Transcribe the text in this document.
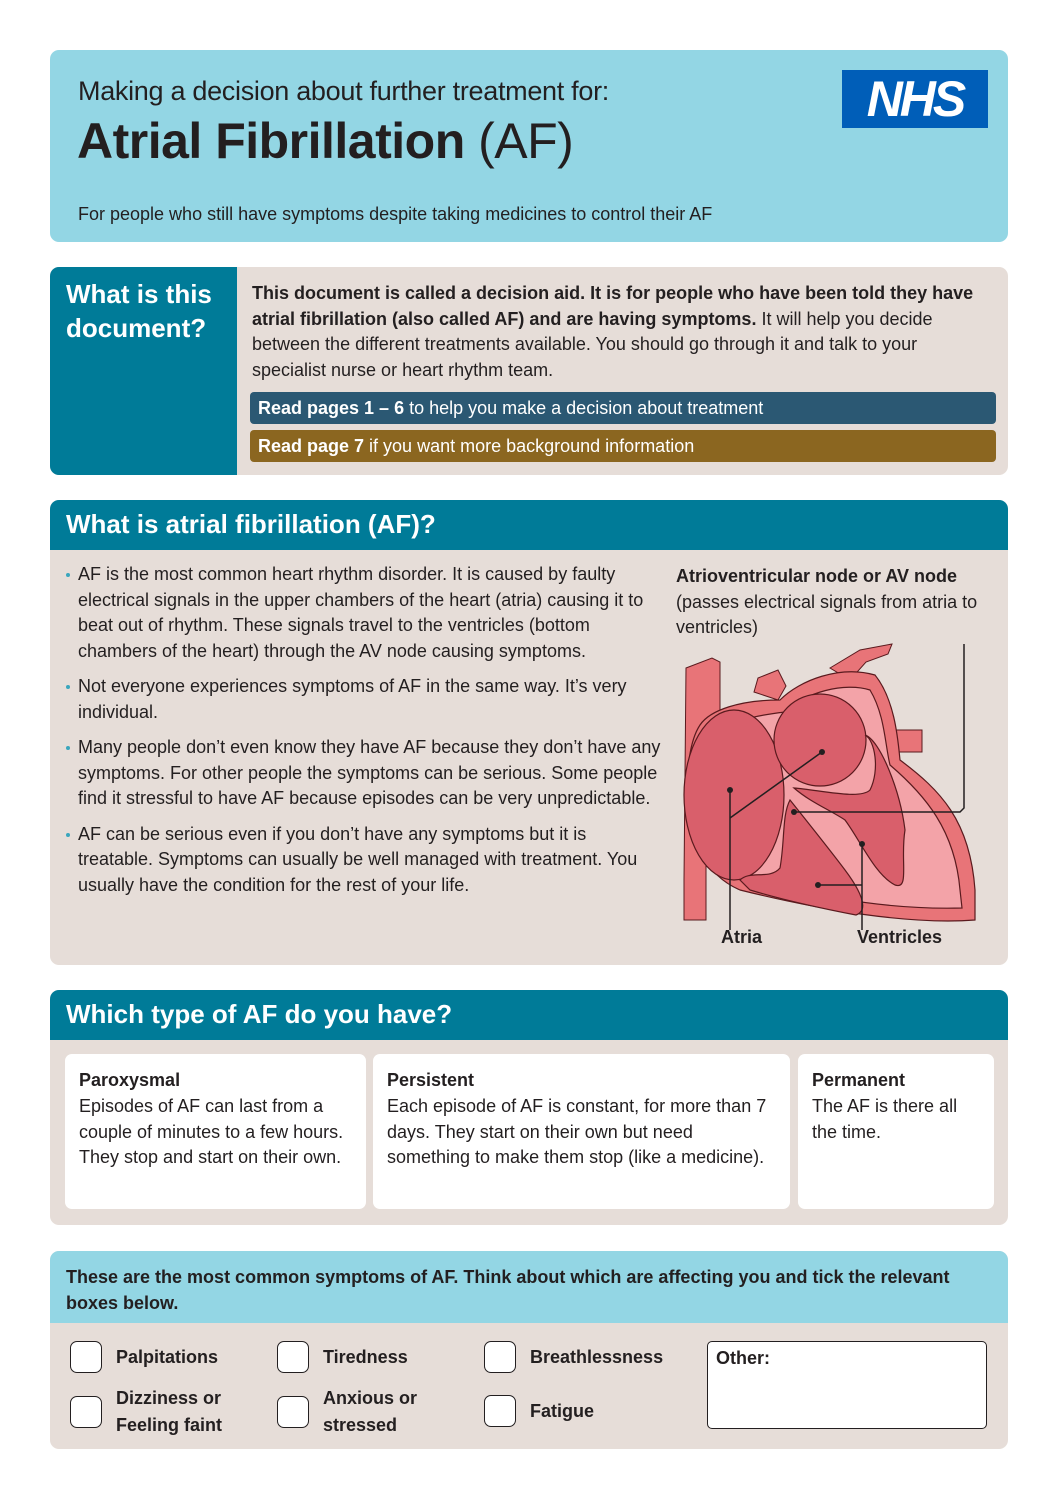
Making a decision about further treatment for:
Atrial Fibrillation (AF)
For people who still have symptoms despite taking medicines to control their AF
NHS
What is this document?
This document is called a decision aid. It is for people who have been told they have atrial fibrillation (also called AF) and are having symptoms. It will help you decide between the different treatments available. You should go through it and talk to your specialist nurse or heart rhythm team.
Read pages 1 – 6 to help you make a decision about treatment
Read page 7 if you want more background information
What is atrial fibrillation (AF)?
AF is the most common heart rhythm disorder. It is caused by faulty electrical signals in the upper chambers of the heart (atria) causing it to beat out of rhythm. These signals travel to the ventricles (bottom chambers of the heart) through the AV node causing symptoms.
Not everyone experiences symptoms of AF in the same way. It’s very individual.
Many people don’t even know they have AF because they don’t have any symptoms. For other people the symptoms can be serious. Some people find it stressful to have AF because episodes can be very unpredictable.
AF can be serious even if you don’t have any symptoms but it is treatable. Symptoms can usually be well managed with treatment. You usually have the condition for the rest of your life.
Atrioventricular node or AV node
(passes electrical signals from atria to ventricles)
Atria	Ventricles
Which type of AF do you have?
Paroxysmal
Episodes of AF can last from a couple of minutes to a few hours. They stop and start on their own.
Persistent
Each episode of AF is constant, for more than 7 days. They start on their own but need something to make them stop (like a medicine).
Permanent
The AF is there all the time.
These are the most common symptoms of AF. Think about which are affecting you and tick the relevant boxes below.
Palpitations	Tiredness	Breathlessness
Dizziness or Feeling faint
Anxious or stressed
Fatigue
Other:
